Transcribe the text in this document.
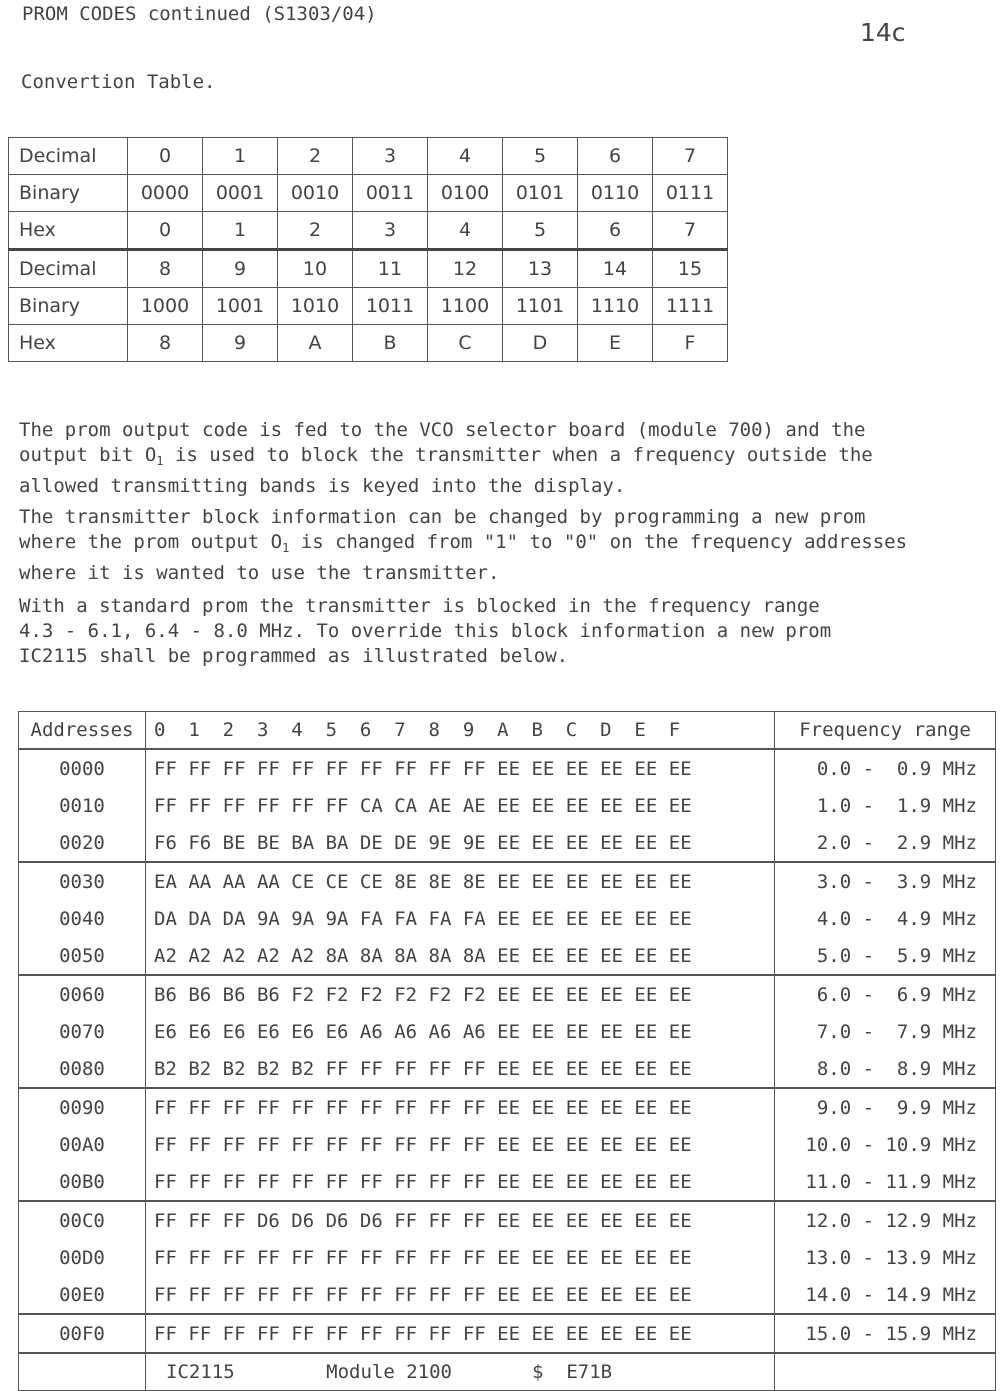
PROM CODES continued (S1303/04)
14c
Convertion Table.
Decimal	0	1	2	3	4	5	6	7
Binary	0000	0001	0010	0011	0100	0101	0110	0111
Hex	0	1	2	3	4	5	6	7
Decimal	8	9	10	11	12	13	14	15
Binary	1000	1001	1010	1011	1100	1101	1110	1111
Hex	8	9	A	B	C	D	E	F

The prom output code is fed to the VCO selector board (module 700) and the
output bit $O_1$ is used to block the transmitter when a frequency outside the
allowed transmitting bands is keyed into the display.

The transmitter block information can be changed by programming a new prom
where the prom output $O_1$ is changed from "1" to "0" on the frequency addresses
where it is wanted to use the transmitter.

With a standard prom the transmitter is blocked in the frequency range
4.3 - 6.1, 6.4 - 8.0 MHz. To override this block information a new prom
IC2115 shall be programmed as illustrated below.

Addresses	0  1  2  3  4  5  6  7  8  9  A  B  C  D  E  F	Frequency range
0000	FF FF FF FF FF FF FF FF FF FF EE EE EE EE EE EE	0.0 -  0.9 MHz
0010	FF FF FF FF FF FF CA CA AE AE EE EE EE EE EE EE	1.0 -  1.9 MHz
0020	F6 F6 BE BE BA BA DE DE 9E 9E EE EE EE EE EE EE	2.0 -  2.9 MHz
0030	EA AA AA AA CE CE CE 8E 8E 8E EE EE EE EE EE EE	3.0 -  3.9 MHz
0040	DA DA DA 9A 9A 9A FA FA FA FA EE EE EE EE EE EE	4.0 -  4.9 MHz
0050	A2 A2 A2 A2 A2 8A 8A 8A 8A 8A EE EE EE EE EE EE	5.0 -  5.9 MHz
0060	B6 B6 B6 B6 F2 F2 F2 F2 F2 F2 EE EE EE EE EE EE	6.0 -  6.9 MHz
0070	E6 E6 E6 E6 E6 E6 A6 A6 A6 A6 EE EE EE EE EE EE	7.0 -  7.9 MHz
0080	B2 B2 B2 B2 B2 FF FF FF FF FF EE EE EE EE EE EE	8.0 -  8.9 MHz
0090	FF FF FF FF FF FF FF FF FF FF EE EE EE EE EE EE	9.0 -  9.9 MHz
00A0	FF FF FF FF FF FF FF FF FF FF EE EE EE EE EE EE	10.0 - 10.9 MHz
00B0	FF FF FF FF FF FF FF FF FF FF EE EE EE EE EE EE	11.0 - 11.9 MHz
00C0	FF FF FF D6 D6 D6 D6 FF FF FF EE EE EE EE EE EE	12.0 - 12.9 MHz
00D0	FF FF FF FF FF FF FF FF FF FF EE EE EE EE EE EE	13.0 - 13.9 MHz
00E0	FF FF FF FF FF FF FF FF FF FF EE EE EE EE EE EE	14.0 - 14.9 MHz
00F0	FF FF FF FF FF FF FF FF FF FF EE EE EE EE EE EE	15.0 - 15.9 MHz
	IC2115        Module 2100       $  E71B	
